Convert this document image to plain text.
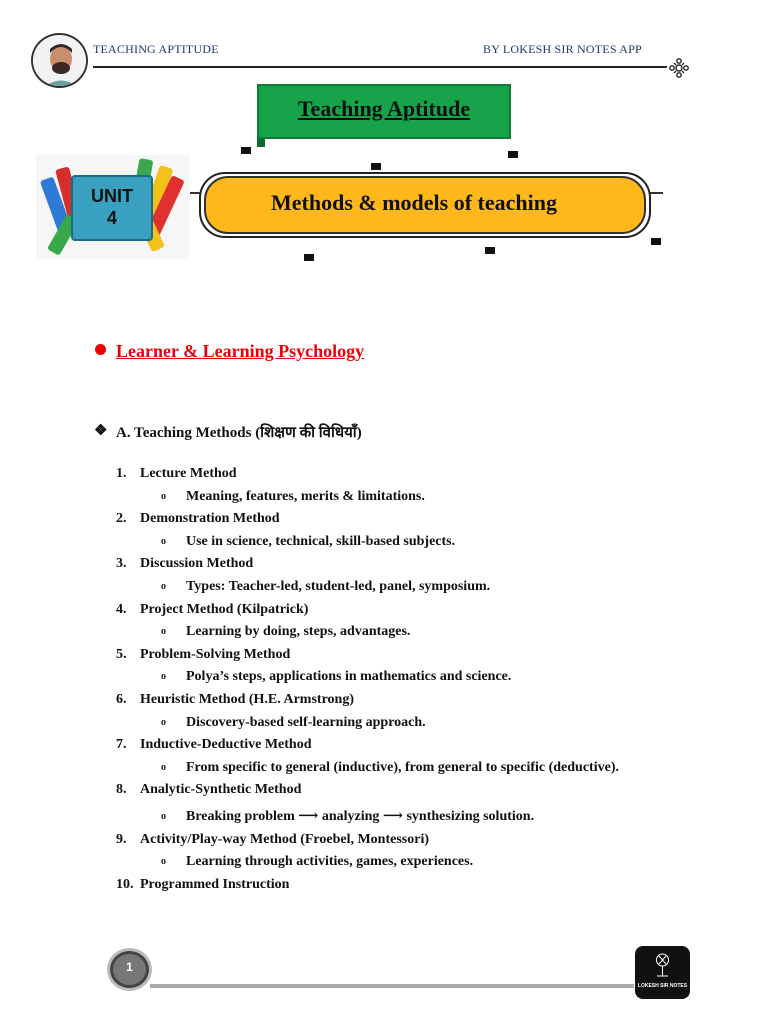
TEACHING APTITUDE	BY LOKESH SIR NOTES APP
Teaching Aptitude
UNIT
4
Methods & models of teaching
Learner & Learning Psychology
❖ A. Teaching Methods (शिक्षण की विधियाँ)
1. Lecture Method
o	Meaning, features, merits & limitations.
2. Demonstration Method
o	Use in science, technical, skill-based subjects.
3. Discussion Method
o	Types: Teacher-led, student-led, panel, symposium.
4. Project Method (Kilpatrick)
o	Learning by doing, steps, advantages.
5. Problem-Solving Method
o	Polya’s steps, applications in mathematics and science.
6. Heuristic Method (H.E. Armstrong)
o	Discovery-based self-learning approach.
7. Inductive-Deductive Method
o	From specific to general (inductive), from general to specific (deductive).
8. Analytic-Synthetic Method
o	Breaking problem ⟶ analyzing ⟶ synthesizing solution.
9. Activity/Play-way Method (Froebel, Montessori)
o	Learning through activities, games, experiences.
10. Programmed Instruction
1
LOKESH SIR NOTES
